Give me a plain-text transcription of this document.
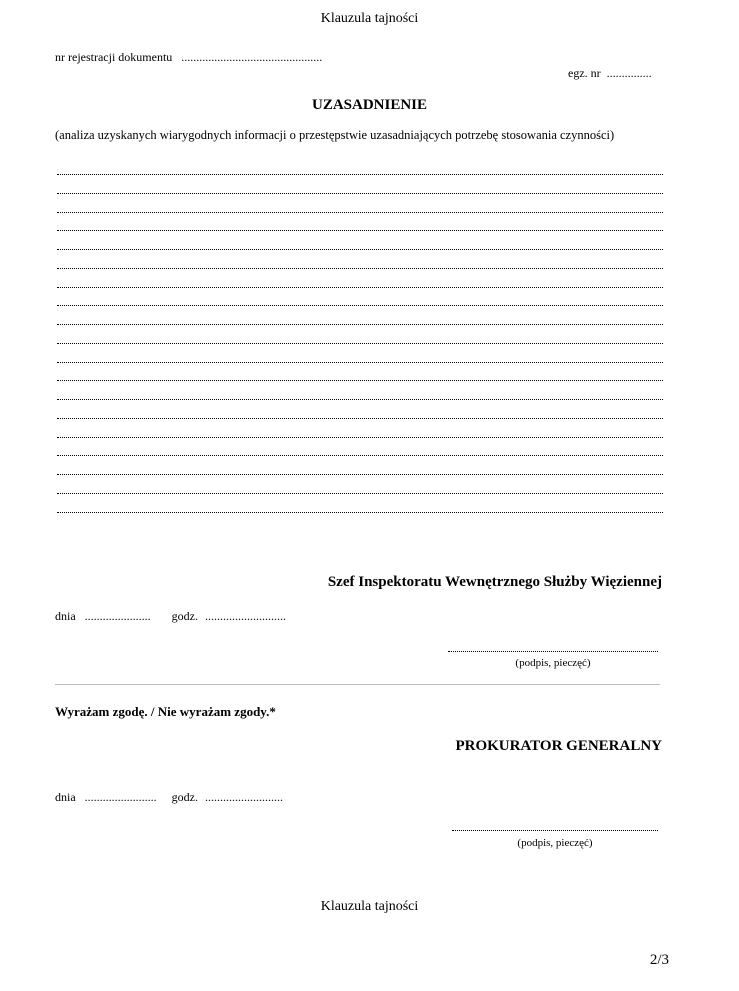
Klauzula tajności
nr rejestracji dokumentu ...............................................
egz. nr ...............
UZASADNIENIE
(analiza uzyskanych wiarygodnych informacji o przestępstwie uzasadniających potrzebę stosowania czynności)
Szef Inspektoratu Wewnętrznego Służby Więziennej
dnia ...................... godz. ...........................
(podpis, pieczęć)
Wyrażam zgodę. / Nie wyrażam zgody.*
PROKURATOR GENERALNY
dnia ........................ godz. ..........................
(podpis, pieczęć)
Klauzula tajności
2/3
